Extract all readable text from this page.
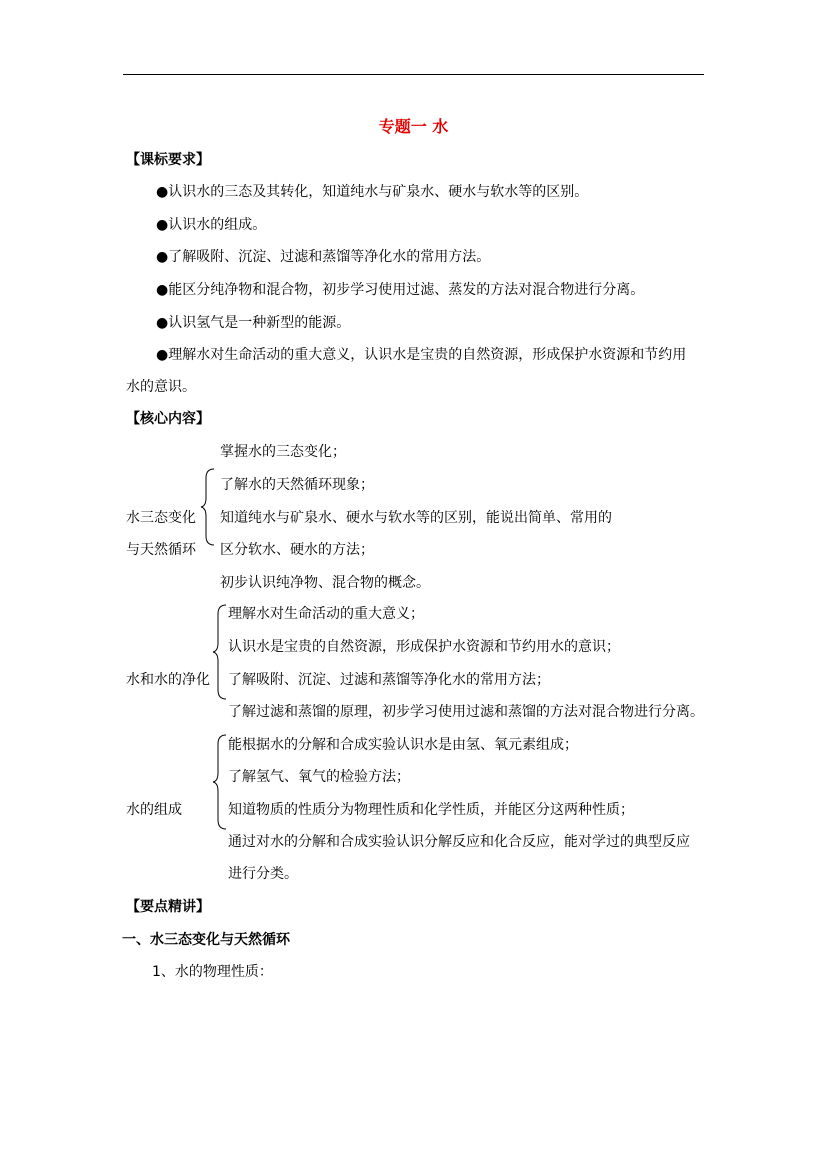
专题一 水
【课标要求】
●认识水的三态及其转化，知道纯水与矿泉水、硬水与软水等的区别。
●认识水的组成。
●了解吸附、沉淀、过滤和蒸馏等净化水的常用方法。
●能区分纯净物和混合物，初步学习使用过滤、蒸发的方法对混合物进行分离。
●认识氢气是一种新型的能源。
●理解水对生命活动的重大意义，认识水是宝贵的自然资源，形成保护水资源和节约用
水的意识。
【核心内容】
水三态变化
与天然循环
掌握水的三态变化；
了解水的天然循环现象；
知道纯水与矿泉水、硬水与软水等的区别，能说出简单、常用的
区分软水、硬水的方法；
初步认识纯净物、混合物的概念。
水和水的净化
理解水对生命活动的重大意义；
认识水是宝贵的自然资源，形成保护水资源和节约用水的意识；
了解吸附、沉淀、过滤和蒸馏等净化水的常用方法；
了解过滤和蒸馏的原理，初步学习使用过滤和蒸馏的方法对混合物进行分离。
水的组成
能根据水的分解和合成实验认识水是由氢、氧元素组成；
了解氢气、氧气的检验方法；
知道物质的性质分为物理性质和化学性质，并能区分这两种性质；
通过对水的分解和合成实验认识分解反应和化合反应，能对学过的典型反应
进行分类。
【要点精讲】
一、水三态变化与天然循环
1、水的物理性质：
